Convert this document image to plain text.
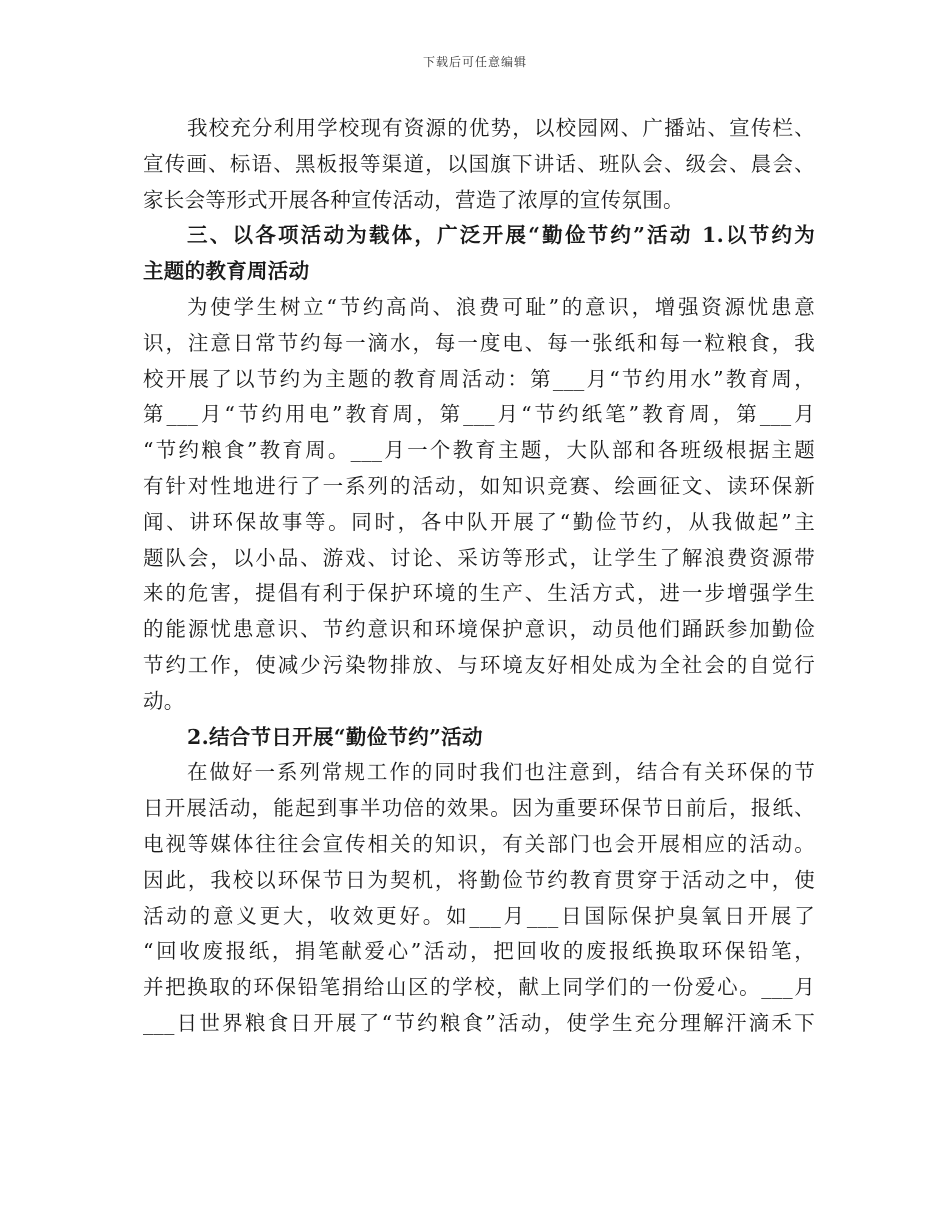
下载后可任意编辑
我校充分利用学校现有资源的优势，以校园网、广播站、宣传栏、
宣传画、标语、黑板报等渠道，以国旗下讲话、班队会、级会、晨会、
家长会等形式开展各种宣传活动，营造了浓厚的宣传氛围。
三、以各项活动为载体，广泛开展“勤俭节约”活动 1.以节约为
主题的教育周活动
为使学生树立“节约高尚、浪费可耻”的意识，增强资源忧患意
识，注意日常节约每一滴水，每一度电、每一张纸和每一粒粮食，我
校开展了以节约为主题的教育周活动：第___月“节约用水”教育周，
第___月“节约用电”教育周，第___月“节约纸笔”教育周，第___月
“节约粮食”教育周。___月一个教育主题，大队部和各班级根据主题
有针对性地进行了一系列的活动，如知识竞赛、绘画征文、读环保新
闻、讲环保故事等。同时，各中队开展了“勤俭节约，从我做起”主
题队会，以小品、游戏、讨论、采访等形式，让学生了解浪费资源带
来的危害，提倡有利于保护环境的生产、生活方式，进一步增强学生
的能源忧患意识、节约意识和环境保护意识，动员他们踊跃参加勤俭
节约工作，使减少污染物排放、与环境友好相处成为全社会的自觉行
动。
2.结合节日开展“勤俭节约”活动
在做好一系列常规工作的同时我们也注意到，结合有关环保的节
日开展活动，能起到事半功倍的效果。因为重要环保节日前后，报纸、
电视等媒体往往会宣传相关的知识，有关部门也会开展相应的活动。
因此，我校以环保节日为契机，将勤俭节约教育贯穿于活动之中，使
活动的意义更大，收效更好。如___月___日国际保护臭氧日开展了
“回收废报纸，捐笔献爱心”活动，把回收的废报纸换取环保铅笔，
并把换取的环保铅笔捐给山区的学校，献上同学们的一份爱心。___月
___日世界粮食日开展了“节约粮食”活动，使学生充分理解汗滴禾下
